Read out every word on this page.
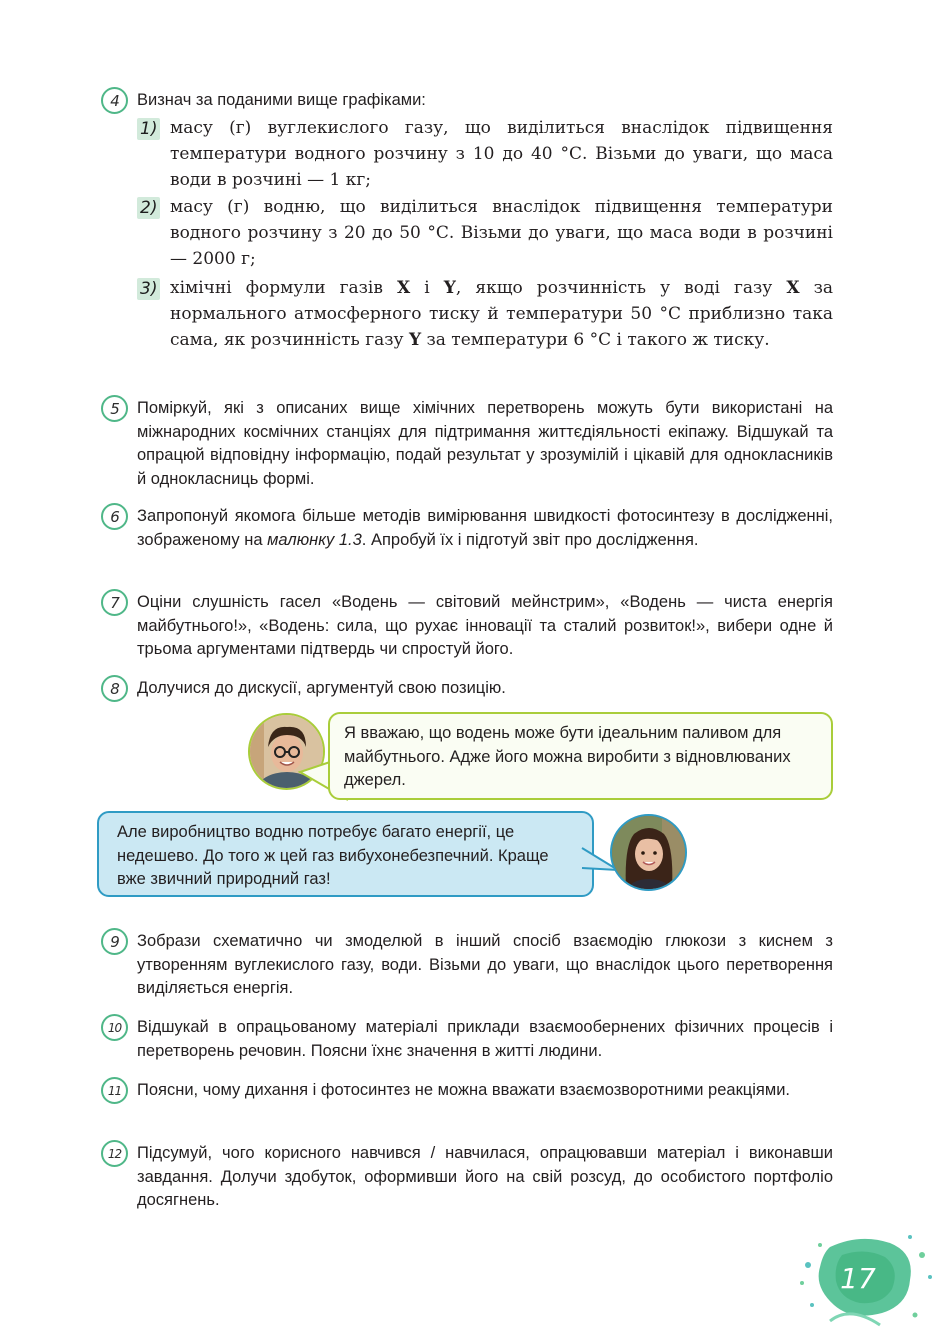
4	Визнач за поданими вище графіками:
1) масу (г) вуглекислого газу, що виділиться внаслідок підвищення температури водного розчину з 10 до 40 °С. Візьми до уваги, що маса води в розчині — 1 кг;
2) масу (г) водню, що виділиться внаслідок підвищення температури водного розчину з 20 до 50 °С. Візьми до уваги, що маса води в розчині — 2000 г;
3) хімічні формули газів X і Y, якщо розчинність у воді газу X за нормального атмосферного тиску й температури 50 °С приблизно така сама, як розчинність газу Y за температури 6 °С і такого ж тиску.
5	Поміркуй, які з описаних вище хімічних перетворень можуть бути використані на міжнародних космічних станціях для підтримання життєдіяльності екіпажу. Відшукай та опрацюй відповідну інформацію, подай результат у зрозумілій і цікавій для однокласників й однокласниць формі.
6	Запропонуй якомога більше методів вимірювання швидкості фотосинтезу в дослідженні, зображеному на малюнку 1.3. Апробуй їх і підготуй звіт про дослідження.
7	Оціни слушність гасел «Водень — світовий мейнстрим», «Водень — чиста енергія майбутнього!», «Водень: сила, що рухає інновації та сталий розвиток!», вибери одне й трьома аргументами підтвердь чи спростуй його.
8	Долучися до дискусії, аргументуй свою позицію.
Я вважаю, що водень може бути ідеальним паливом для майбутнього. Адже його можна виробити з відновлюваних джерел.
Але виробництво водню потребує багато енергії, це недешево. До того ж цей газ вибухонебезпечний. Краще вже звичний природний газ!
9	Зобрази схематично чи змоделюй в інший спосіб взаємодію глюкози з киснем з утворенням вуглекислого газу, води. Візьми до уваги, що внаслідок цього перетворення виділяється енергія.
10 Відшукай в опрацьованому матеріалі приклади взаємообернених фізичних процесів і перетворень речовин. Поясни їхнє значення в житті людини.
11 Поясни, чому дихання і фотосинтез не можна вважати взаємозворотними реакціями.
12 Підсумуй, чого корисного навчився / навчилася, опрацювавши матеріал і виконавши завдання. Долучи здобуток, оформивши його на свій розсуд, до особистого портфоліо досягнень.
17
